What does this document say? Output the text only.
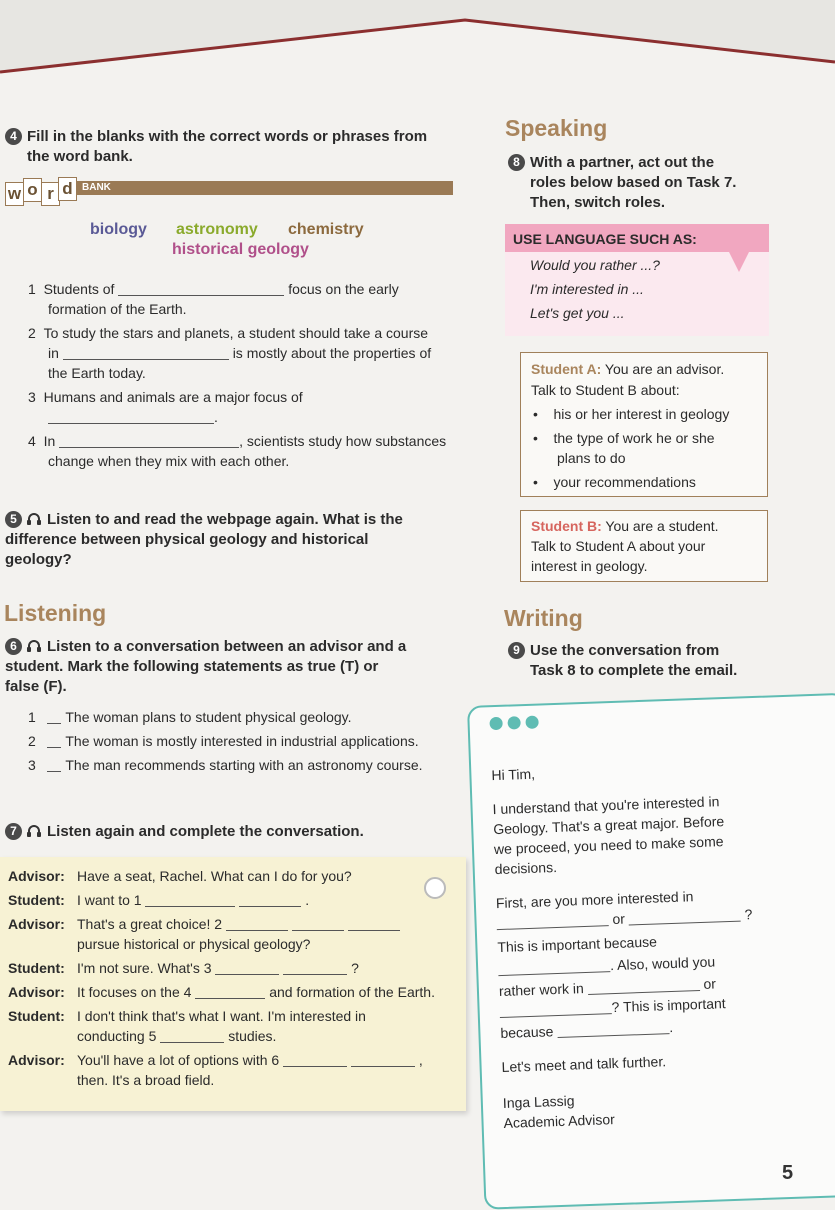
4 Fill in the blanks with the correct words or phrases from
the word bank.
w o r d BANK
biology astronomy chemistry
historical geology
1 Students of	focus on the early
formation of the Earth.
2 To study the stars and planets, a student should take a course
in	is mostly about the properties of
the Earth today.
3 Humans and animals are a major focus of
.
4 In	, scientists study how substances
change when they mix with each other.
5 Listen to and read the webpage again. What is the
difference between physical geology and historical
geology?
Listening
6 Listen to a conversation between an advisor and a
student. Mark the following statements as true (T) or
false (F).
1 The woman plans to student physical geology.
2 The woman is mostly interested in industrial applications.
3 The man recommends starting with an astronomy course.
7 Listen again and complete the conversation.
Advisor: Have a seat, Rachel. What can I do for you?
Student: I want to 1	.
Advisor: That's a great choice! 2
pursue historical or physical geology?
Student: I'm not sure. What's 3	?
Advisor: It focuses on the 4	and formation of the Earth.
Student: I don't think that's what I want. I'm interested in
conducting 5	studies.
Advisor: You'll have a lot of options with 6	,
then. It's a broad field.
Speaking
8 With a partner, act out the
roles below based on Task 7.
Then, switch roles.
USE LANGUAGE SUCH AS:
Would you rather ...?
I'm interested in ...
Let's get you ...
Student A: You are an advisor.
Talk to Student B about:
•    his or her interest in geology
•    the type of work he or she
plans to do
•    your recommendations
Student B: You are a student.
Talk to Student A about your
interest in geology.
Writing
9 Use the conversation from
Task 8 to complete the email.
Hi Tim,
I understand that you're interested in
Geology. That's a great major. Before
we proceed, you need to make some
decisions.
First, are you more interested in
or	?
This is important because
. Also, would you
rather work in	or
? This is important
because	.
Let's meet and talk further.
Inga Lassig
Academic Advisor
5
